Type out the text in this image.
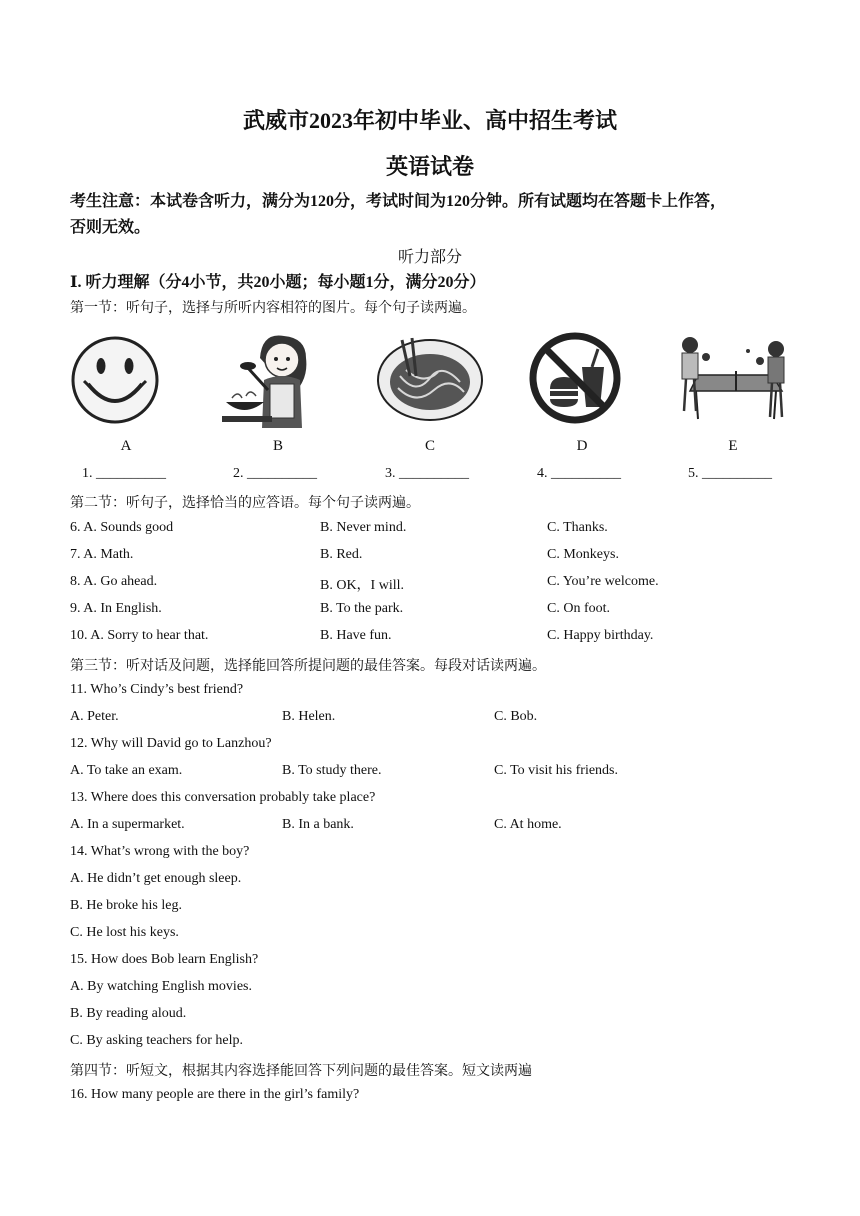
武威市2023年初中毕业、高中招生考试
英语试卷
考生注意：本试卷含听力，满分为120分，考试时间为120分钟。所有试题均在答题卡上作答，
否则无效。
听力部分
Ⅰ. 听力理解（分4小节，共20小题；每小题1分，满分20分）
第一节：听句子，选择与所听内容相符的图片。每个句子读两遍。
A	B	C	D	E
1. __________	2. __________	3. __________	4. __________	5. __________
第二节：听句子，选择恰当的应答语。每个句子读两遍。
6. A. Sounds good	B. Never mind.	C. Thanks.
7. A. Math.	B. Red.	C. Monkeys.
8. A. Go ahead.	B. OK，I will.	C. You’re welcome.
9. A. In English.	B. To the park.	C. On foot.
10. A. Sorry to hear that.	B. Have fun.	C. Happy birthday.
第三节：听对话及问题，选择能回答所提问题的最佳答案。每段对话读两遍。
11. Who’s Cindy’s best friend?
A. Peter.	B. Helen.	C. Bob.
12. Why will David go to Lanzhou?
A. To take an exam.	B. To study there.	C. To visit his friends.
13. Where does this conversation probably take place?
A. In a supermarket.	B. In a bank.	C. At home.
14. What’s wrong with the boy?
A. He didn’t get enough sleep.
B. He broke his leg.
C. He lost his keys.
15. How does Bob learn English?
A. By watching English movies.
B. By reading aloud.
C. By asking teachers for help.
第四节：听短文，根据其内容选择能回答下列问题的最佳答案。短文读两遍
16. How many people are there in the girl’s family?
